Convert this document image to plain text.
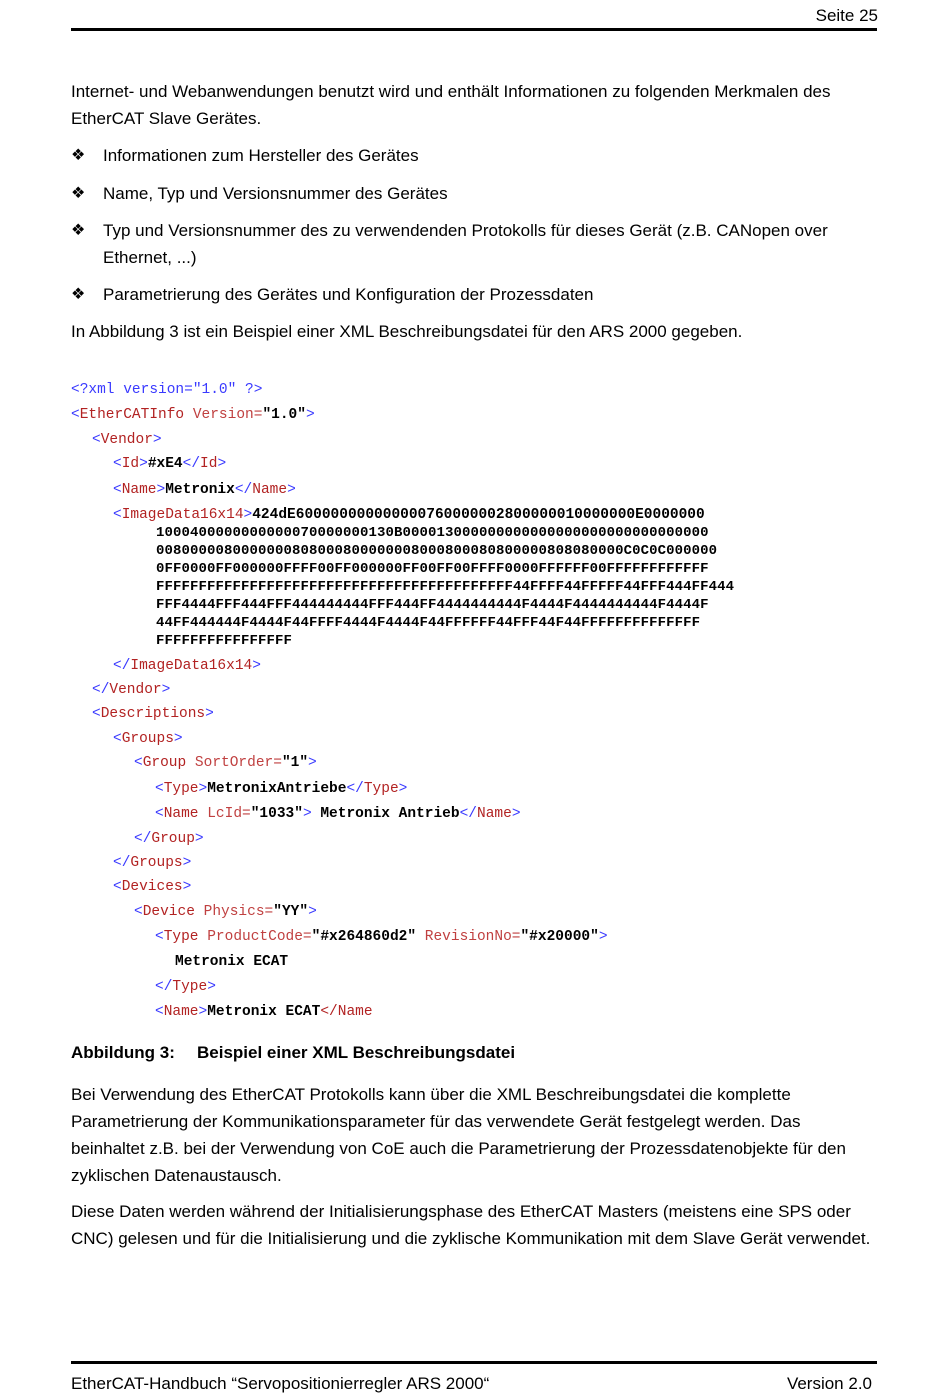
Seite 25
Internet- und Webanwendungen benutzt wird und enthält Informationen zu folgenden Merkmalen des EtherCAT Slave Gerätes.
❖	Informationen zum Hersteller des Gerätes
❖	Name, Typ und Versionsnummer des Gerätes
❖	Typ und Versionsnummer des zu verwendenden Protokolls für dieses Gerät (z.B. CANopen over Ethernet, ...)
❖	Parametrierung des Gerätes und Konfiguration der Prozessdaten
In Abbildung 3 ist ein Beispiel einer XML Beschreibungsdatei für den ARS 2000 gegeben.
<?xml version="1.0" ?>
<EtherCATInfo Version="1.0">
<Vendor>
<Id>#xE4</Id>
<Name>Metronix</Name>
<ImageData16x14>424dE600000000000000760000002800000010000000E0000000
1000400000000000070000000130B000013000000000000000000000000000000
0080000080000000808000800000008000800080800000808080000C0C0C000000
0FF0000FF000000FFFF00FF000000FF00FF00FFFF0000FFFFFF00FFFFFFFFFFFF
FFFFFFFFFFFFFFFFFFFFFFFFFFFFFFFFFFFFFFFFFF44FFFF44FFFFF44FFF444FF444
FFF4444FFF444FFF444444444FFF444FF4444444444F4444F4444444444F4444F
44FF444444F4444F44FFFF4444F4444F44FFFFFF44FFF44F44FFFFFFFFFFFFFF
FFFFFFFFFFFFFFFF
</ImageData16x14>
</Vendor>
<Descriptions>
<Groups>
<Group SortOrder="1">
<Type>MetronixAntriebe</Type>
<Name LcId="1033"> Metronix Antrieb</Name>
</Group>
</Groups>
<Devices>
<Device Physics="YY">
<Type ProductCode="#x264860d2" RevisionNo="#x20000">
Metronix ECAT
</Type>
<Name>Metronix ECAT</Name
Abbildung 3: Beispiel einer XML Beschreibungsdatei
Bei Verwendung des EtherCAT Protokolls kann über die XML Beschreibungsdatei die komplette Parametrierung der Kommunikationsparameter für das verwendete Gerät festgelegt werden. Das beinhaltet z.B. bei der Verwendung von CoE auch die Parametrierung der Prozessdatenobjekte für den zyklischen Datenaustausch.
Diese Daten werden während der Initialisierungsphase des EtherCAT Masters (meistens eine SPS oder CNC) gelesen und für die Initialisierung und die zyklische Kommunikation mit dem Slave Gerät verwendet.
EtherCAT-Handbuch “Servopositionierregler ARS 2000“	Version 2.0
